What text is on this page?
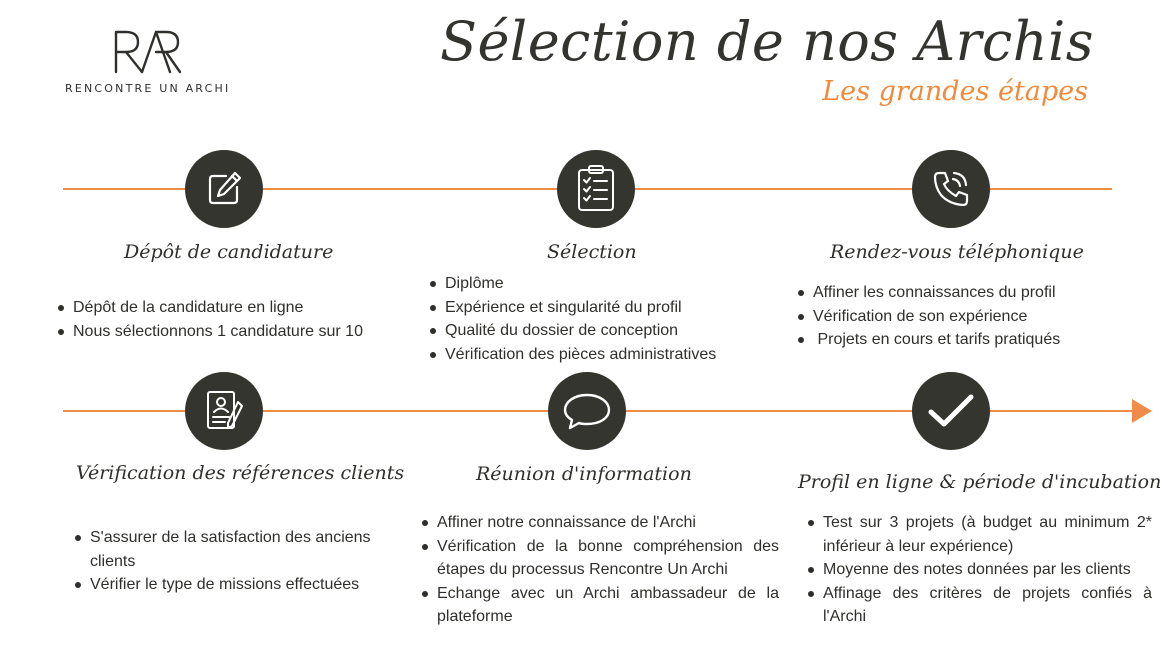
RENCONTRE UN ARCHI
Sélection de nos Archis
Les grandes étapes
Dépôt de candidature	Sélection	Rendez-vous téléphonique
Vérification des références clients	Réunion d'information	Profil en ligne & période d'incubation
Dépôt de la candidature en ligne
Nous sélectionnons 1 candidature sur 10
Diplôme
Expérience et singularité du profil
Qualité du dossier de conception
Vérification des pièces administratives
Affiner les connaissances du profil
Vérification de son expérience
Projets en cours et tarifs pratiqués
S'assurer de la satisfaction des anciens clients
Vérifier le type de missions effectuées
Affiner notre connaissance de l'Archi
Vérification de la bonne compréhension des étapes du processus Rencontre Un Archi
Echange avec un Archi ambassadeur de la plateforme
Test sur 3 projets (à budget au minimum 2* inférieur à leur expérience)
Moyenne des notes données par les clients
Affinage des critères de projets confiés à l'Archi
